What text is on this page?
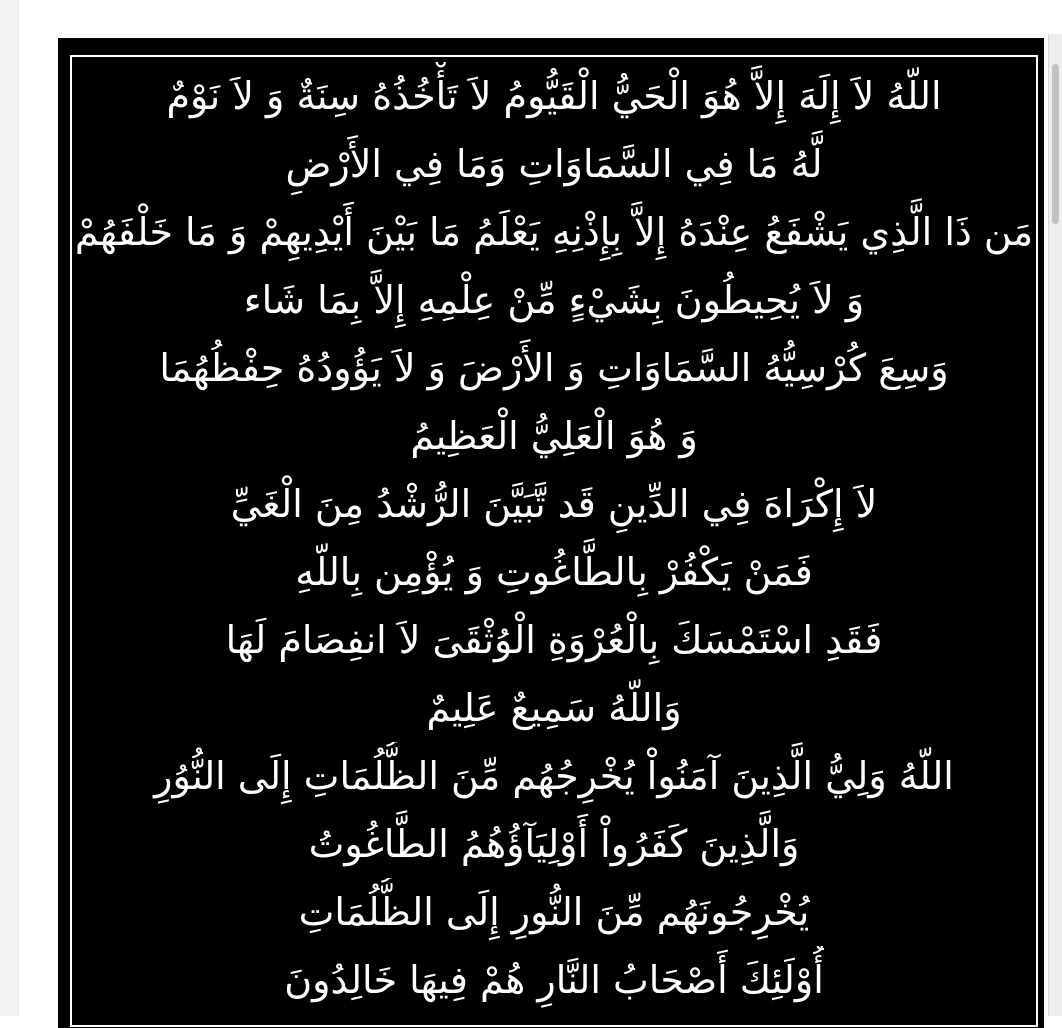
اللّهُ لاَ إِلَهَ إِلاَّ هُوَ الْحَيُّ الْقَيُّومُ لاَ تَأْخُذُهُ سِنَةٌ وَ لاَ نَوْمٌ
لَّهُ مَا فِي السَّمَاوَاتِ وَمَا فِي الأَرْضِ
مَن ذَا الَّذِي يَشْفَعُ عِنْدَهُ إِلاَّ بِإِذْنِهِ يَعْلَمُ مَا بَيْنَ أَيْدِيهِمْ وَ مَا خَلْفَهُمْ
وَ لاَ يُحِيطُونَ بِشَيْءٍ مِّنْ عِلْمِهِ إِلاَّ بِمَا شَاء
وَسِعَ كُرْسِيُّهُ السَّمَاوَاتِ وَ الأَرْضَ وَ لاَ يَؤُودُهُ حِفْظُهُمَا
وَ هُوَ الْعَلِيُّ الْعَظِيمُ
لاَ إِكْرَاهَ فِي الدِّينِ قَد تَّبَيَّنَ الرُّشْدُ مِنَ الْغَيِّ
فَمَنْ يَكْفُرْ بِالطَّاغُوتِ وَ يُؤْمِن بِاللّهِ
فَقَدِ اسْتَمْسَكَ بِالْعُرْوَةِ الْوُثْقَىَ لاَ انفِصَامَ لَهَا
وَاللّهُ سَمِيعٌ عَلِيمٌ
اللّهُ وَلِيُّ الَّذِينَ آمَنُواْ يُخْرِجُهُم مِّنَ الظُّلُمَاتِ إِلَى النُّوُرِ
وَالَّذِينَ كَفَرُواْ أَوْلِيَآؤُهُمُ الطَّاغُوتُ
يُخْرِجُونَهُم مِّنَ النُّورِ إِلَى الظُّلُمَاتِ
أُوْلَئِكَ أَصْحَابُ النَّارِ هُمْ فِيهَا خَالِدُونَ
